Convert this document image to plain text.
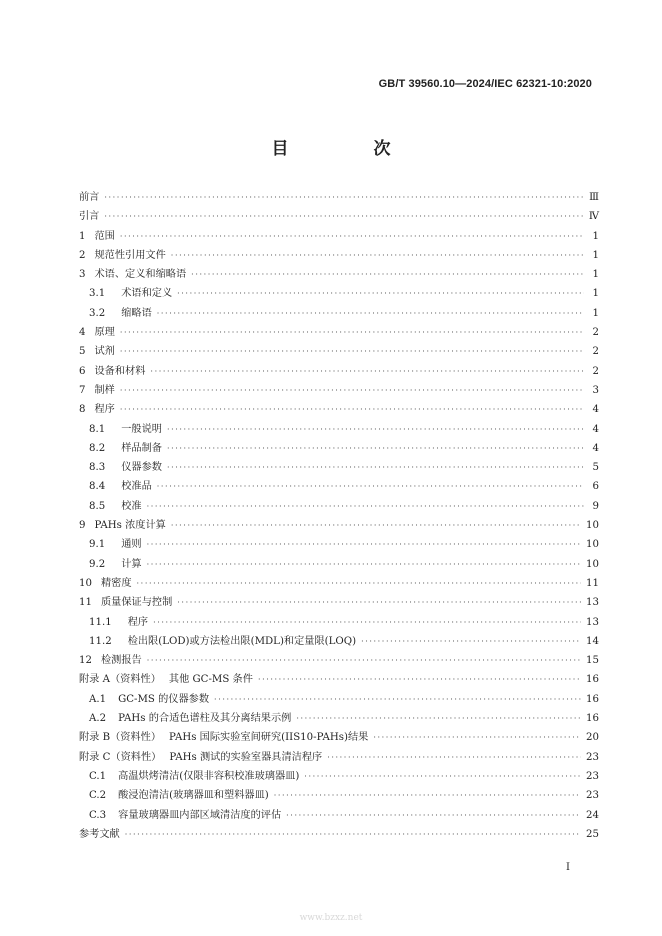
GB/T 39560.10—2024/IEC 62321-10:2020
目　次
前言 ·····	Ⅲ
引言 ·····	Ⅳ
1 范围 ·····	1
2 规范性引用文件 ·····	1
3 术语、定义和缩略语 ·····	1
3.1 术语和定义 ·····	1
3.2 缩略语 ·····	1
4 原理 ·····	2
5 试剂 ·····	2
6 设备和材料 ·····	2
7 制样 ·····	3
8 程序 ·····	4
8.1 一般说明 ·····	4
8.2 样品制备 ·····	4
8.3 仪器参数 ·····	5
8.4 校准品 ·····	6
8.5 校准 ·····	9
9 PAHs 浓度计算 ·····	10
9.1 通则 ·····	10
9.2 计算 ·····	10
10 精密度 ·····	11
11 质量保证与控制 ·····	13
11.1 程序 ·····	13
11.2 检出限(LOD)或方法检出限(MDL)和定量限(LOQ) ·····	14
12 检测报告 ·····	15
附录 A（资料性） 其他 GC-MS 条件 ·····	16
A.1 GC-MS 的仪器参数 ·····	16
A.2 PAHs 的合适色谱柱及其分离结果示例 ·····	16
附录 B（资料性） PAHs 国际实验室间研究(IIS10-PAHs)结果 ·····	20
附录 C（资料性） PAHs 测试的实验室器具清洁程序 ·····	23
C.1 高温烘烤清洁(仅限非容积校准玻璃器皿) ·····	23
C.2 酸浸泡清洁(玻璃器皿和塑料器皿) ·····	23
C.3 容量玻璃器皿内部区域清洁度的评估 ·····	24
参考文献 ·····	25
I
www.bzxz.net
